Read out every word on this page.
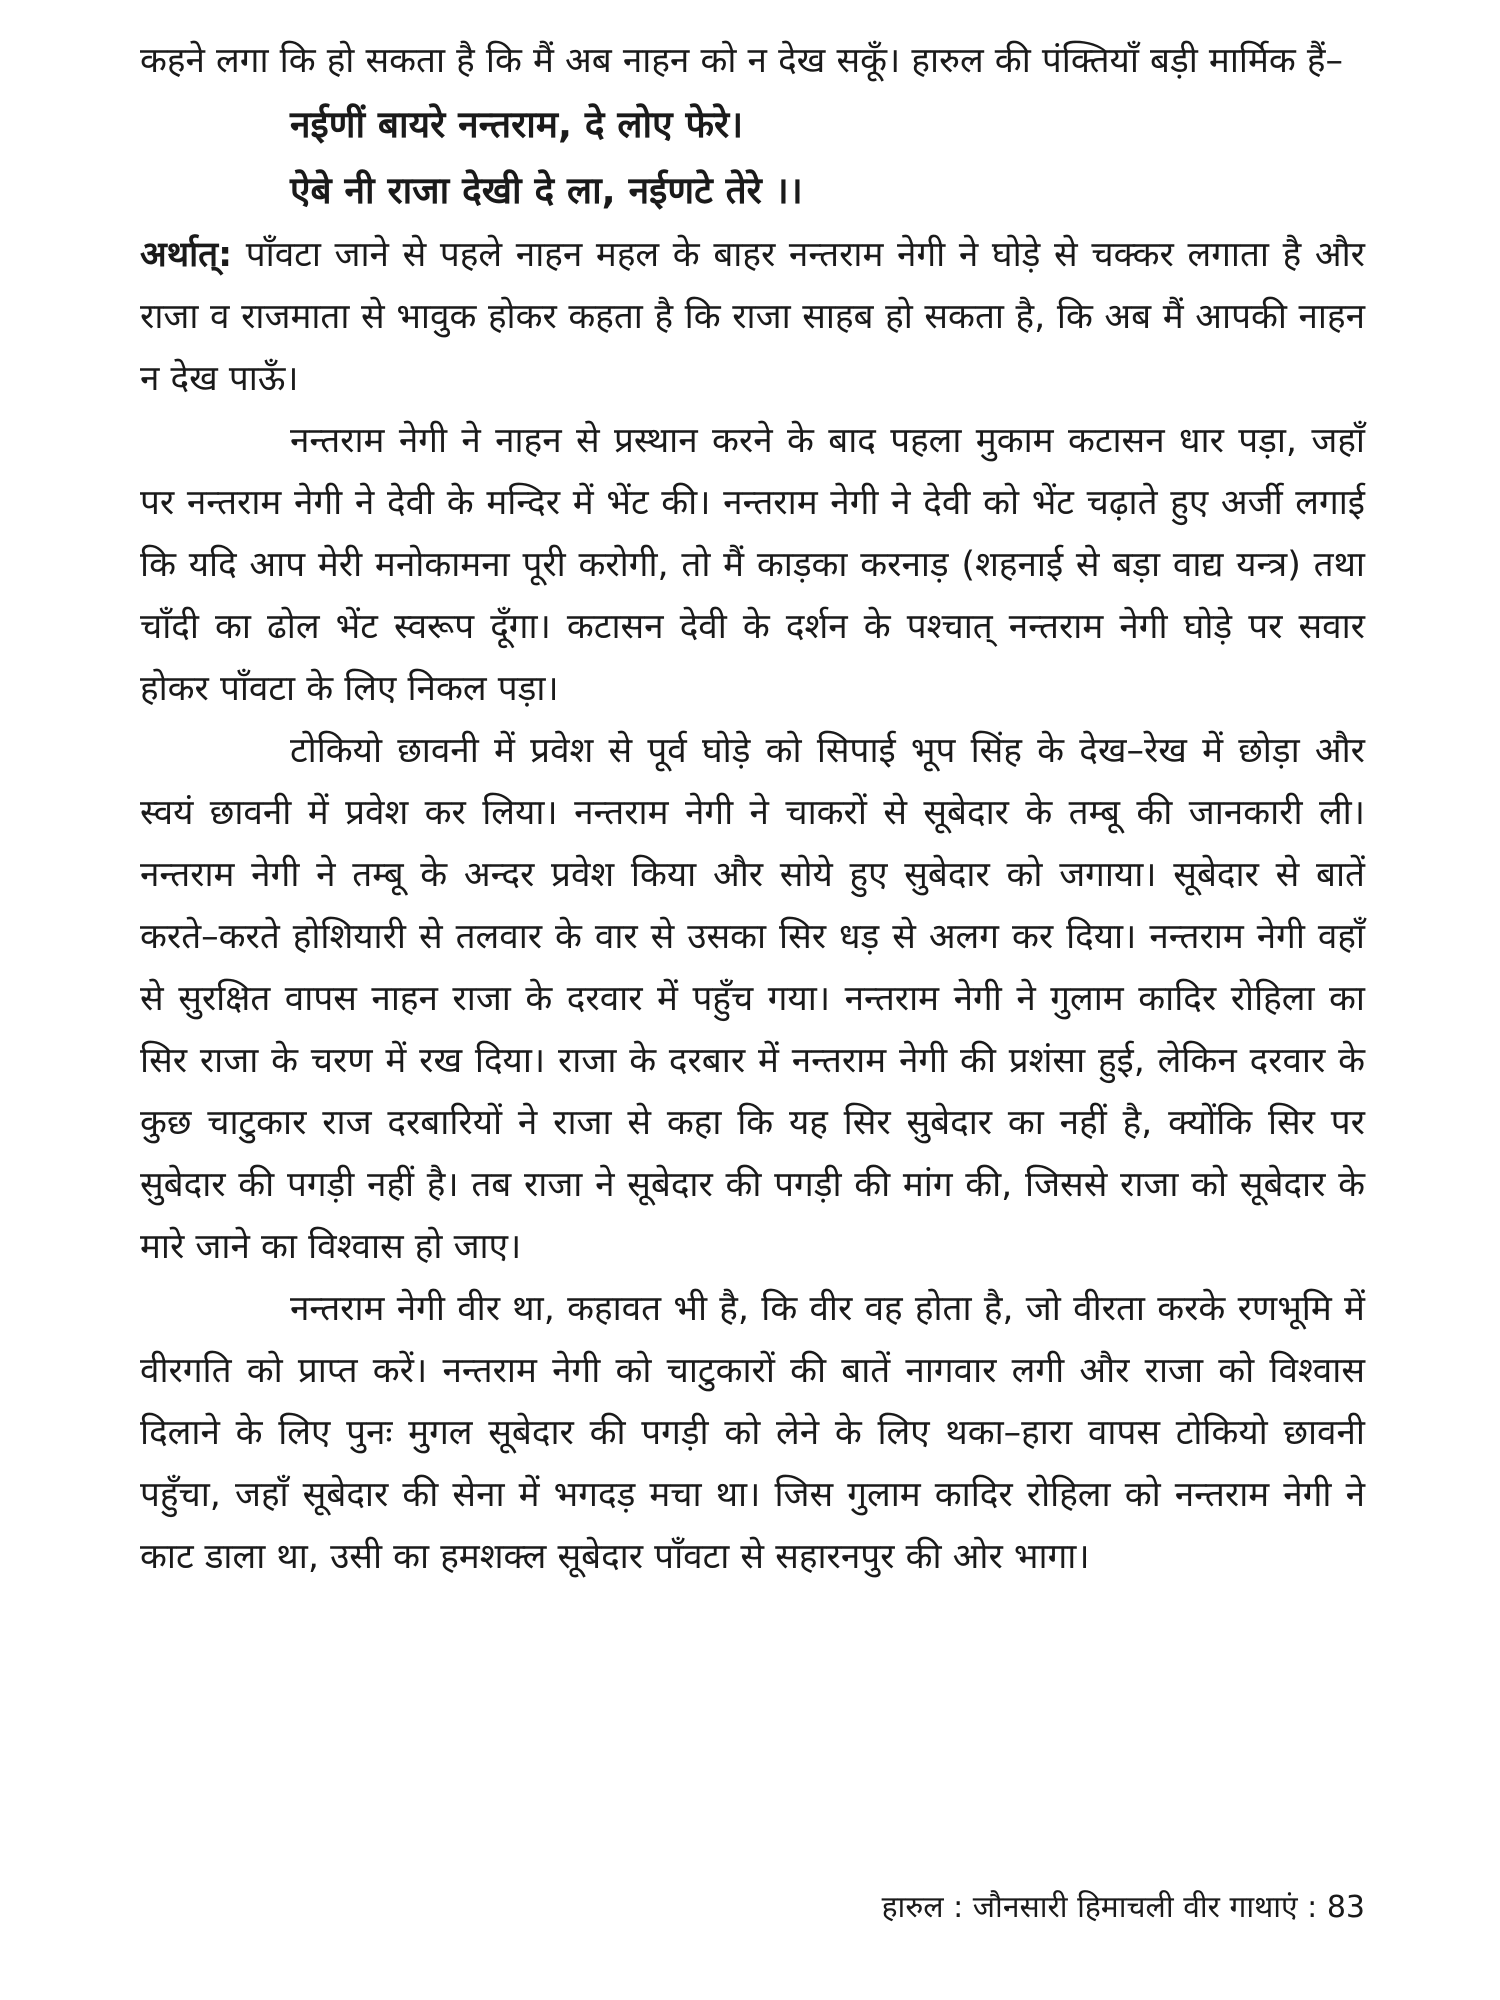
कहने लगा कि हो सकता है कि मैं अब नाहन को न देख सकूँ। हारुल की पंक्तियाँ बड़ी मार्मिक हैं–

नईणीं बायरे नन्तराम, दे लोए फेरे।
ऐबे नी राजा देखी दे ला, नईणटे तेरे ।।

अर्थात्: पाँवटा जाने से पहले नाहन महल के बाहर नन्तराम नेगी ने घोड़े से चक्कर लगाता है और राजा व राजमाता से भावुक होकर कहता है कि राजा साहब हो सकता है, कि अब मैं आपकी नाहन न देख पाऊँ।

नन्तराम नेगी ने नाहन से प्रस्थान करने के बाद पहला मुकाम कटासन धार पड़ा, जहाँ पर नन्तराम नेगी ने देवी के मन्दिर में भेंट की। नन्तराम नेगी ने देवी को भेंट चढ़ाते हुए अर्जी लगाई कि यदि आप मेरी मनोकामना पूरी करोगी, तो मैं काड़का करनाड़ (शहनाई से बड़ा वाद्य यन्त्र) तथा चाँदी का ढोल भेंट स्वरूप दूँगा। कटासन देवी के दर्शन के पश्चात् नन्तराम नेगी घोड़े पर सवार होकर पाँवटा के लिए निकल पड़ा।

टोकियो छावनी में प्रवेश से पूर्व घोड़े को सिपाई भूप सिंह के देख–रेख में छोड़ा और स्वयं छावनी में प्रवेश कर लिया। नन्तराम नेगी ने चाकरों से सूबेदार के तम्बू की जानकारी ली। नन्तराम नेगी ने तम्बू के अन्दर प्रवेश किया और सोये हुए सुबेदार को जगाया। सूबेदार से बातें करते–करते होशियारी से तलवार के वार से उसका सिर धड़ से अलग कर दिया। नन्तराम नेगी वहाँ से सुरक्षित वापस नाहन राजा के दरवार में पहुँच गया। नन्तराम नेगी ने गुलाम कादिर रोहिला का सिर राजा के चरण में रख दिया। राजा के दरबार में नन्तराम नेगी की प्रशंसा हुई, लेकिन दरवार के कुछ चाटुकार राज दरबारियों ने राजा से कहा कि यह सिर सुबेदार का नहीं है, क्योंकि सिर पर सुबेदार की पगड़ी नहीं है। तब राजा ने सूबेदार की पगड़ी की मांग की, जिससे राजा को सूबेदार के मारे जाने का विश्वास हो जाए।

नन्तराम नेगी वीर था, कहावत भी है, कि वीर वह होता है, जो वीरता करके रणभूमि में वीरगति को प्राप्त करें। नन्तराम नेगी को चाटुकारों की बातें नागवार लगी और राजा को विश्वास दिलाने के लिए पुनः मुगल सूबेदार की पगड़ी को लेने के लिए थका–हारा वापस टोकियो छावनी पहुँचा, जहाँ सूबेदार की सेना में भगदड़ मचा था। जिस गुलाम कादिर रोहिला को नन्तराम नेगी ने काट डाला था, उसी का हमशक्ल सूबेदार पाँवटा से सहारनपुर की ओर भागा।

हारुल : जौनसारी हिमाचली वीर गाथाएं : 83
